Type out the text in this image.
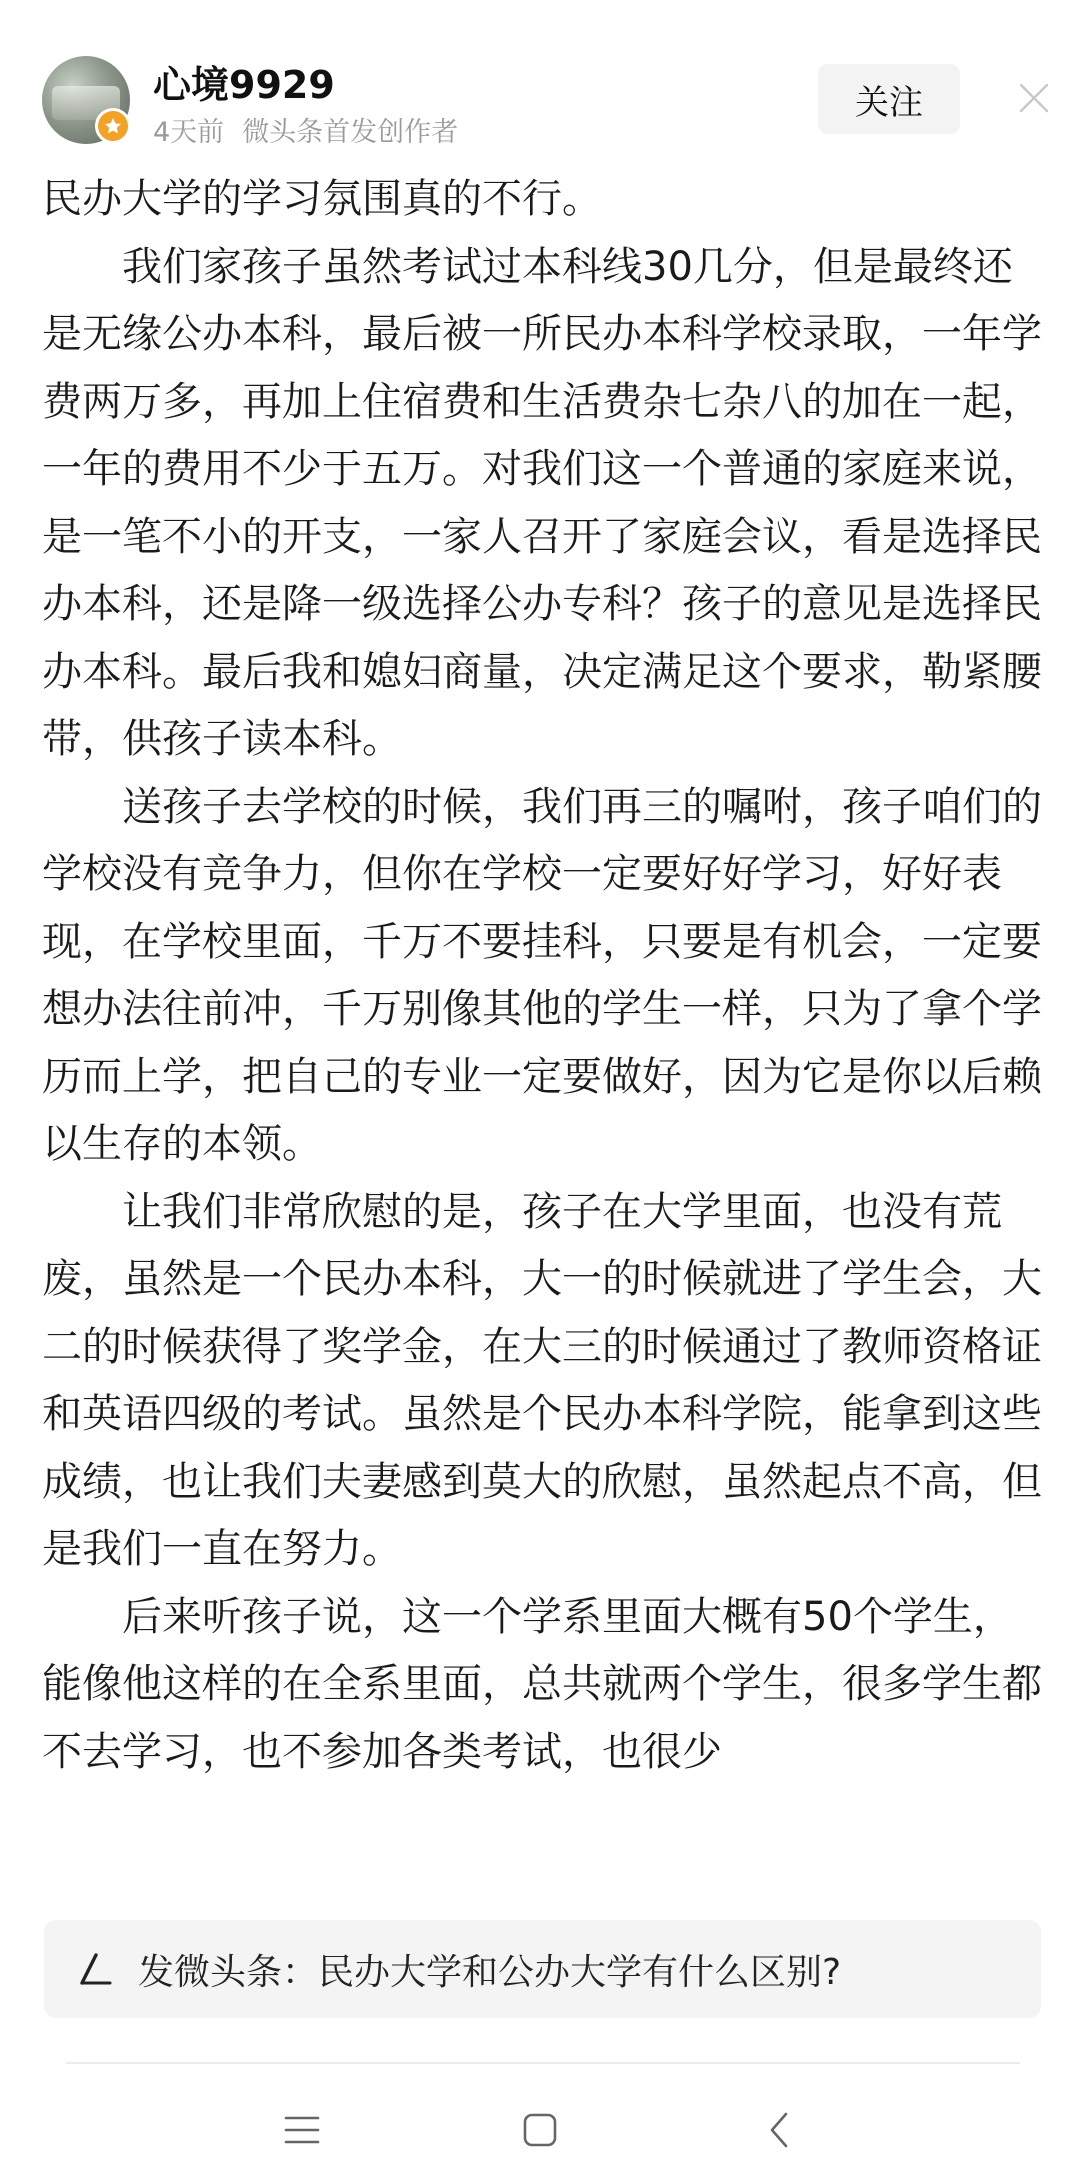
心境9929
4天前 微头条首发创作者
关注

民办大学的学习氛围真的不行。

我们家孩子虽然考试过本科线30几分，但是最终还是无缘公办本科，最后被一所民办本科学校录取，一年学费两万多，再加上住宿费和生活费杂七杂八的加在一起，一年的费用不少于五万。对我们这一个普通的家庭来说，是一笔不小的开支，一家人召开了家庭会议，看是选择民办本科，还是降一级选择公办专科？孩子的意见是选择民办本科。最后我和媳妇商量，决定满足这个要求，勒紧腰带，供孩子读本科。

送孩子去学校的时候，我们再三的嘱咐，孩子咱们的学校没有竞争力，但你在学校一定要好好学习，好好表现，在学校里面，千万不要挂科，只要是有机会，一定要想办法往前冲，千万别像其他的学生一样，只为了拿个学历而上学，把自己的专业一定要做好，因为它是你以后赖以生存的本领。

让我们非常欣慰的是，孩子在大学里面，也没有荒废，虽然是一个民办本科，大一的时候就进了学生会，大二的时候获得了奖学金，在大三的时候通过了教师资格证和英语四级的考试。虽然是个民办本科学院，能拿到这些成绩，也让我们夫妻感到莫大的欣慰，虽然起点不高，但是我们一直在努力。

后来听孩子说，这一个学系里面大概有50个学生，能像他这样的在全系里面，总共就两个学生，很多学生都不去学习，也不参加各类考试，也很少

发微头条：民办大学和公办大学有什么区别?
